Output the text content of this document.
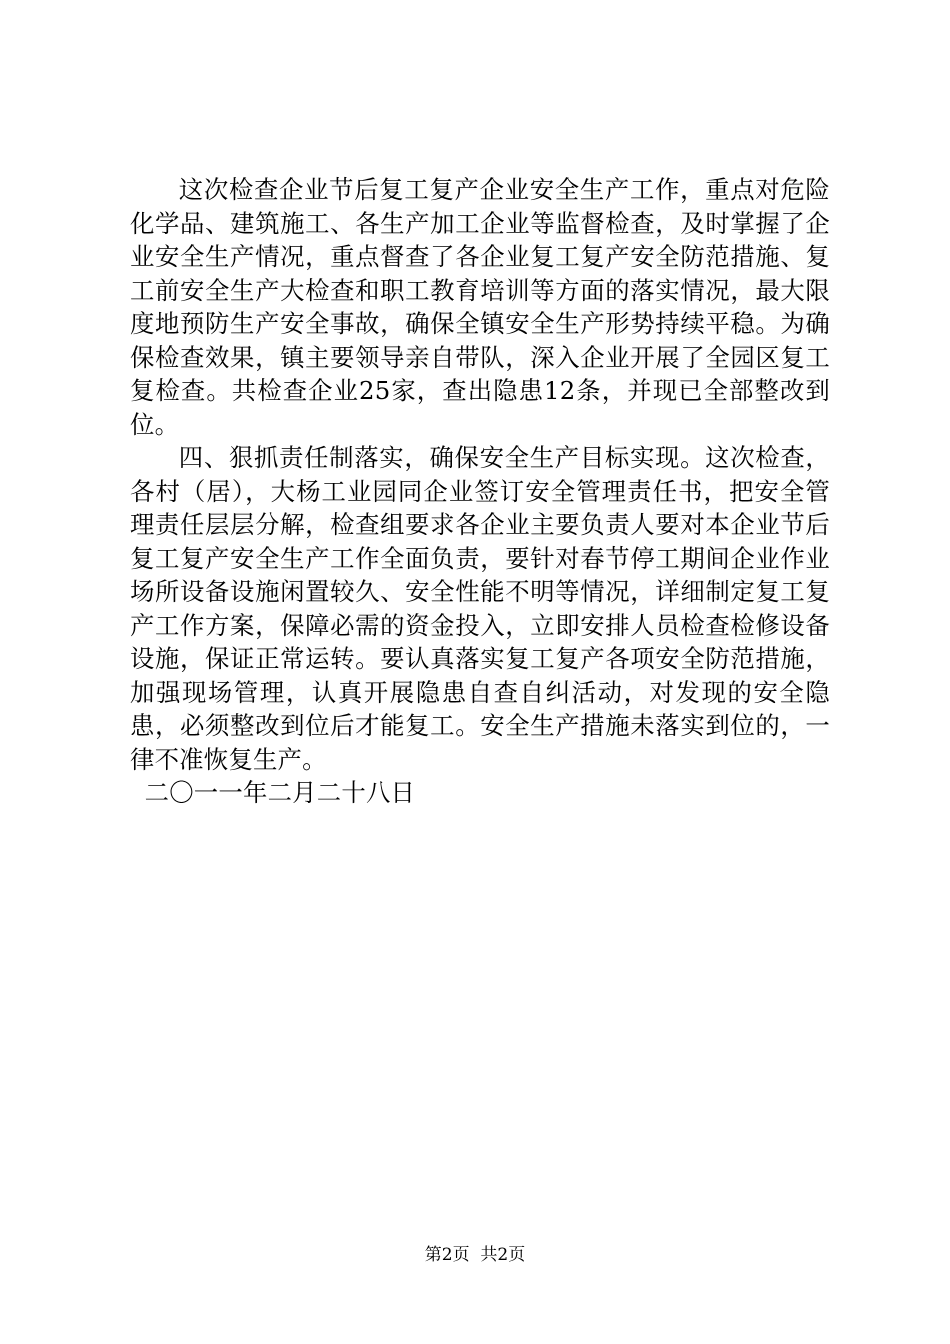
这次检查企业节后复工复产企业安全生产工作，重点对危险化学品、建筑施工、各生产加工企业等监督检查，及时掌握了企业安全生产情况，重点督查了各企业复工复产安全防范措施、复工前安全生产大检查和职工教育培训等方面的落实情况，最大限度地预防生产安全事故，确保全镇安全生产形势持续平稳。为确保检查效果，镇主要领导亲自带队，深入企业开展了全园区复工复检查。共检查企业25家，查出隐患12条，并现已全部整改到位。

四、狠抓责任制落实，确保安全生产目标实现。这次检查，各村（居），大杨工业园同企业签订安全管理责任书，把安全管理责任层层分解，检查组要求各企业主要负责人要对本企业节后复工复产安全生产工作全面负责，要针对春节停工期间企业作业场所设备设施闲置较久、安全性能不明等情况，详细制定复工复产工作方案，保障必需的资金投入，立即安排人员检查检修设备设施，保证正常运转。要认真落实复工复产各项安全防范措施，加强现场管理，认真开展隐患自查自纠活动，对发现的安全隐患，必须整改到位后才能复工。安全生产措施未落实到位的，一律不准恢复生产。

二〇一一年二月二十八日

第2页 共2页
